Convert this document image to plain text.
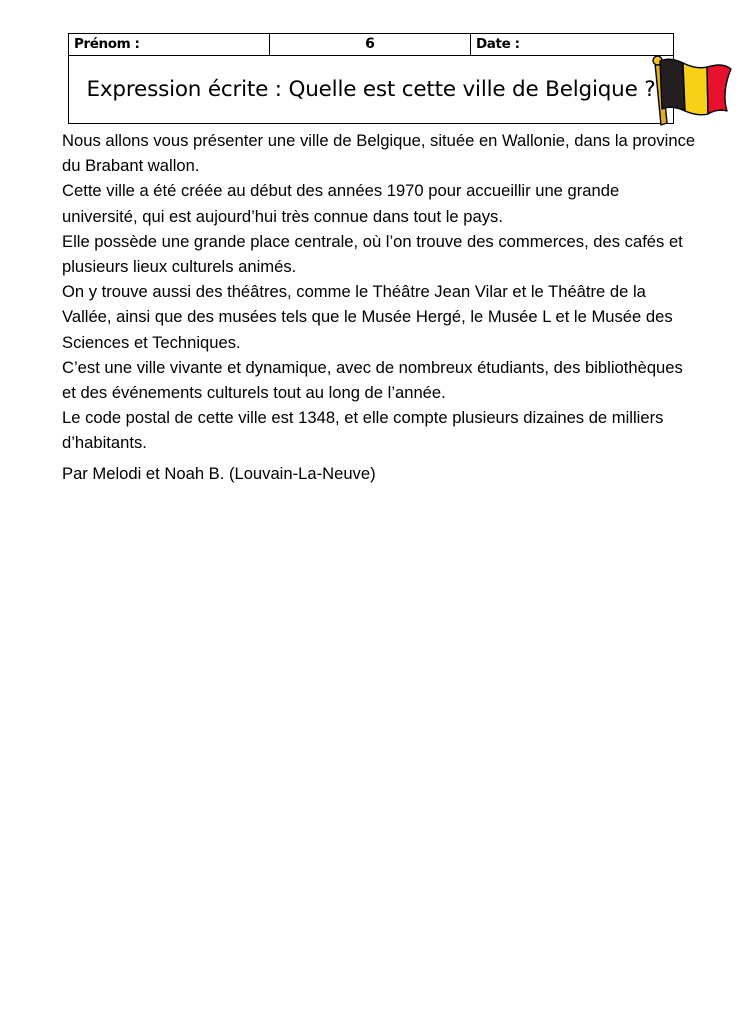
Prénom :	6	Date :

Expression écrite : Quelle est cette ville de Belgique ?

Nous allons vous présenter une ville de Belgique, située en Wallonie, dans la province du Brabant wallon.

Cette ville a été créée au début des années 1970 pour accueillir une grande université, qui est aujourd’hui très connue dans tout le pays.

Elle possède une grande place centrale, où l’on trouve des commerces, des cafés et plusieurs lieux culturels animés.

On y trouve aussi des théâtres, comme le Théâtre Jean Vilar et le Théâtre de la Vallée, ainsi que des musées tels que le Musée Hergé, le Musée L et le Musée des Sciences et Techniques.

C’est une ville vivante et dynamique, avec de nombreux étudiants, des bibliothèques et des événements culturels tout au long de l’année.

Le code postal de cette ville est 1348, et elle compte plusieurs dizaines de milliers d’habitants.

Par Melodi et Noah B. (Louvain-La-Neuve)
